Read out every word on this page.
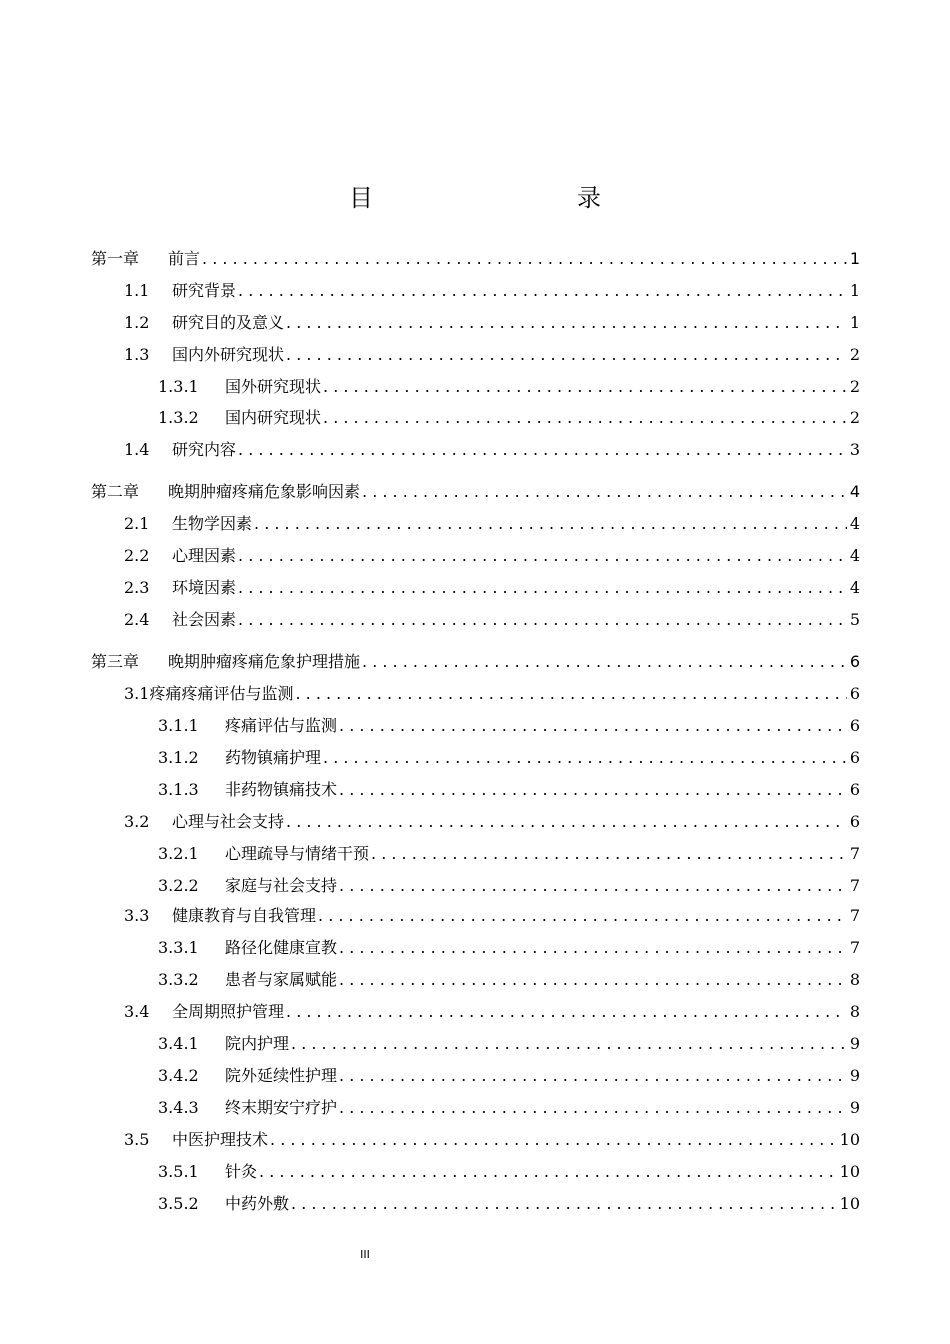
目　　录
第一章	前言 . . .	1
1.1	研究背景 . . .	1
1.2	研究目的及意义 . . .	1
1.3	国内外研究现状 . . .	2
1.3.1	国外研究现状 . . .	2
1.3.2	国内研究现状 . . .	2
1.4	研究内容 . . .	3
第二章	晚期肿瘤疼痛危象影响因素 . . .	4
2.1	生物学因素 . . .	4
2.2	心理因素 . . .	4
2.3	环境因素 . . .	4
2.4	社会因素 . . .	5
第三章	晚期肿瘤疼痛危象护理措施 . . .	6
3.1 疼痛疼痛评估与监测 . . .	6
3.1.1	疼痛评估与监测 . . .	6
3.1.2	药物镇痛护理 . . .	6
3.1.3	非药物镇痛技术 . . .	6
3.2	心理与社会支持 . . .	6
3.2.1	心理疏导与情绪干预 . . .	7
3.2.2	家庭与社会支持 . . .	7
3.3	健康教育与自我管理 . . .	7
3.3.1	路径化健康宣教 . . .	7
3.3.2	患者与家属赋能 . . .	8
3.4	全周期照护管理 . . .	8
3.4.1	院内护理 . . .	9
3.4.2	院外延续性护理 . . .	9
3.4.3	终末期安宁疗护 . . .	9
3.5	中医护理技术 . . .	10
3.5.1	针灸 . . .	10
3.5.2	中药外敷 . . .	10
III
